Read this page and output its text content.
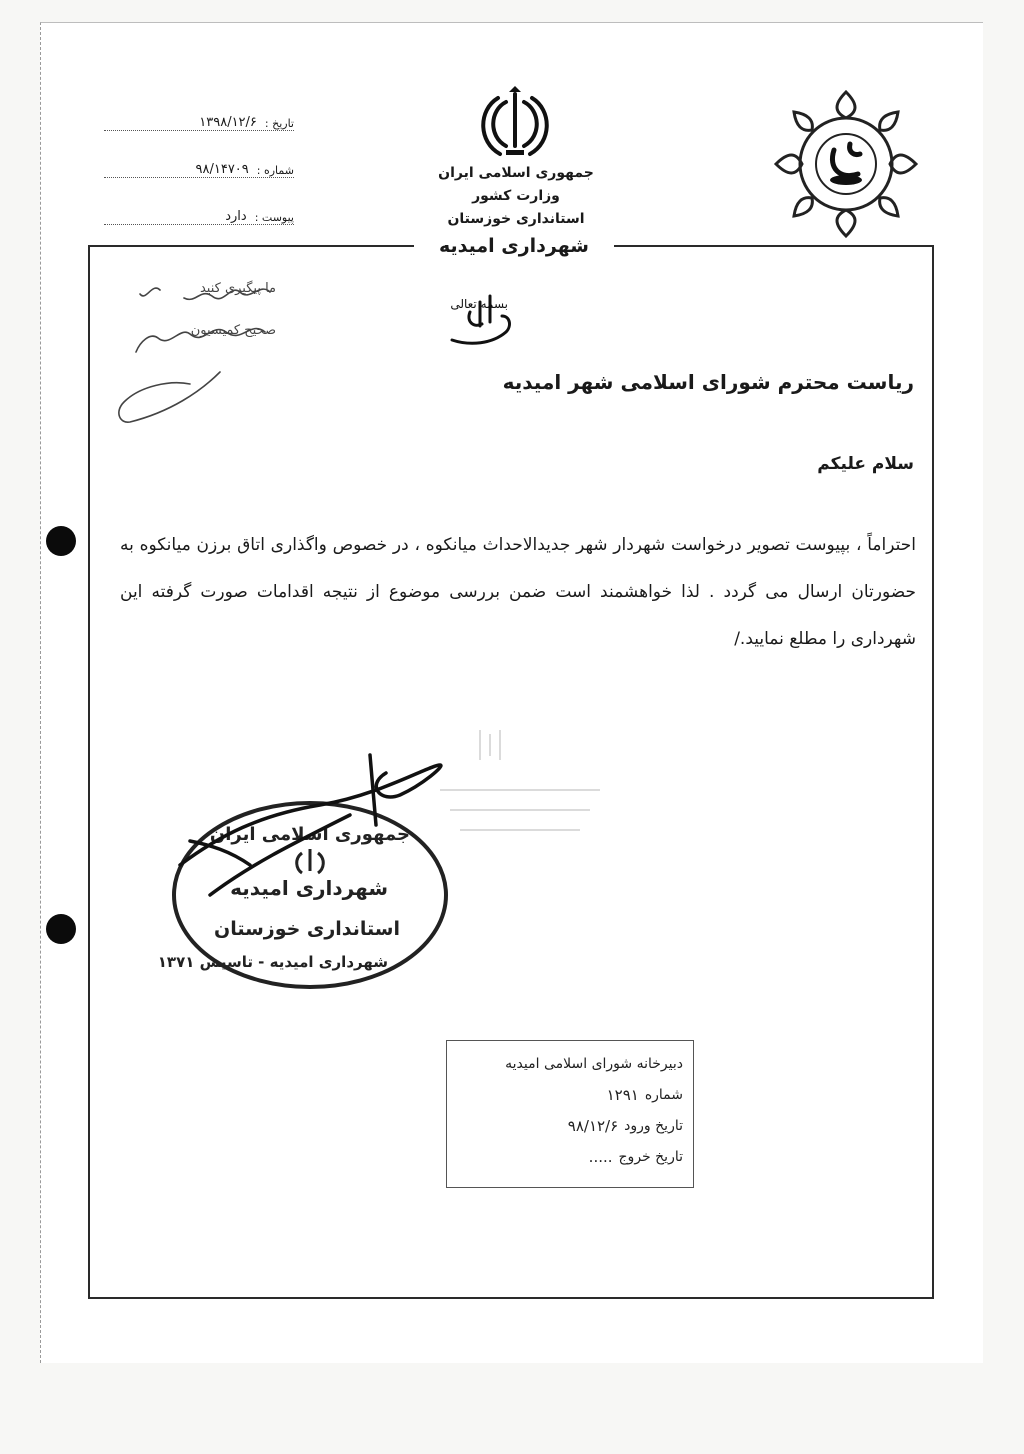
تاریخ :
۱۳۹۸/۱۲/۶
شماره :
۹۸/۱۴۷۰۹
پیوست :
دارد
جمهوری اسلامی ایران
وزارت کشور
استانداری خوزستان
شهرداری امیدیه
ما پیگیری کنید
صحیح کمیسیون
بسمه تعالی
ریاست محترم شورای اسلامی شهر امیدیه
سلام علیکم
احتراماً ، بپیوست تصویر درخواست شهردار شهر جدیدالاحداث میانکوه ، در خصوص واگذاری اتاق برزن میانکوه به حضورتان ارسال می گردد . لذا خواهشمند است ضمن بررسی موضوع از نتیجه اقدامات صورت گرفته این شهرداری را مطلع نمایید./
جمهوری اسلامی ایران
شهرداری امیدیه
استانداری خوزستان
شهرداری امیدیه - تاسیس ۱۳۷۱
دبیرخانه شورای اسلامی امیدیه
شماره
۱۲۹۱
تاریخ ورود
۹۸/۱۲/۶
تاریخ خروج
.....
